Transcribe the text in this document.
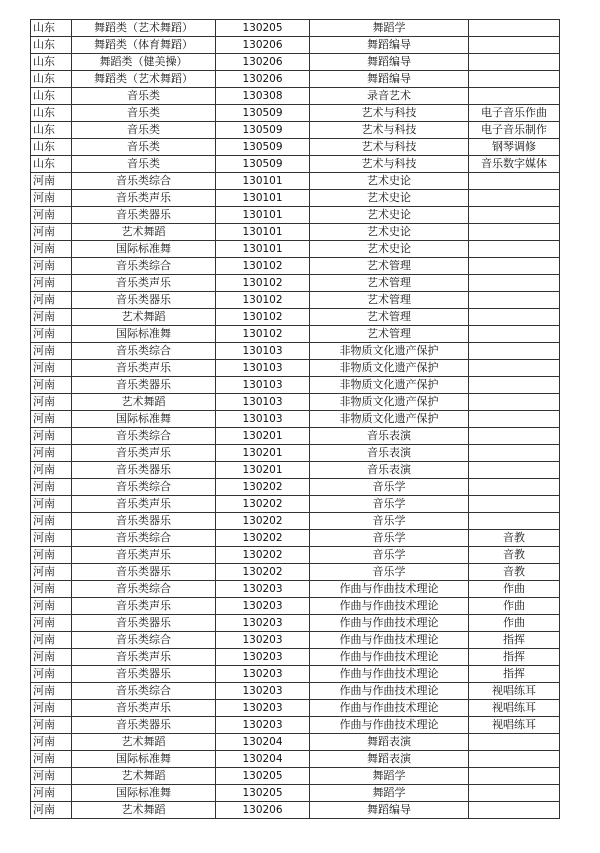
山东	舞蹈类（艺术舞蹈）	130205	舞蹈学	
山东	舞蹈类（体育舞蹈）	130206	舞蹈编导	
山东	舞蹈类（健美操）	130206	舞蹈编导	
山东	舞蹈类（艺术舞蹈）	130206	舞蹈编导	
山东	音乐类	130308	录音艺术	
山东	音乐类	130509	艺术与科技	电子音乐作曲
山东	音乐类	130509	艺术与科技	电子音乐制作
山东	音乐类	130509	艺术与科技	钢琴调修
山东	音乐类	130509	艺术与科技	音乐数字媒体
河南	音乐类综合	130101	艺术史论	
河南	音乐类声乐	130101	艺术史论	
河南	音乐类器乐	130101	艺术史论	
河南	艺术舞蹈	130101	艺术史论	
河南	国际标准舞	130101	艺术史论	
河南	音乐类综合	130102	艺术管理	
河南	音乐类声乐	130102	艺术管理	
河南	音乐类器乐	130102	艺术管理	
河南	艺术舞蹈	130102	艺术管理	
河南	国际标准舞	130102	艺术管理	
河南	音乐类综合	130103	非物质文化遗产保护	
河南	音乐类声乐	130103	非物质文化遗产保护	
河南	音乐类器乐	130103	非物质文化遗产保护	
河南	艺术舞蹈	130103	非物质文化遗产保护	
河南	国际标准舞	130103	非物质文化遗产保护	
河南	音乐类综合	130201	音乐表演	
河南	音乐类声乐	130201	音乐表演	
河南	音乐类器乐	130201	音乐表演	
河南	音乐类综合	130202	音乐学	
河南	音乐类声乐	130202	音乐学	
河南	音乐类器乐	130202	音乐学	
河南	音乐类综合	130202	音乐学	音教
河南	音乐类声乐	130202	音乐学	音教
河南	音乐类器乐	130202	音乐学	音教
河南	音乐类综合	130203	作曲与作曲技术理论	作曲
河南	音乐类声乐	130203	作曲与作曲技术理论	作曲
河南	音乐类器乐	130203	作曲与作曲技术理论	作曲
河南	音乐类综合	130203	作曲与作曲技术理论	指挥
河南	音乐类声乐	130203	作曲与作曲技术理论	指挥
河南	音乐类器乐	130203	作曲与作曲技术理论	指挥
河南	音乐类综合	130203	作曲与作曲技术理论	视唱练耳
河南	音乐类声乐	130203	作曲与作曲技术理论	视唱练耳
河南	音乐类器乐	130203	作曲与作曲技术理论	视唱练耳
河南	艺术舞蹈	130204	舞蹈表演	
河南	国际标准舞	130204	舞蹈表演	
河南	艺术舞蹈	130205	舞蹈学	
河南	国际标准舞	130205	舞蹈学	
河南	艺术舞蹈	130206	舞蹈编导	
